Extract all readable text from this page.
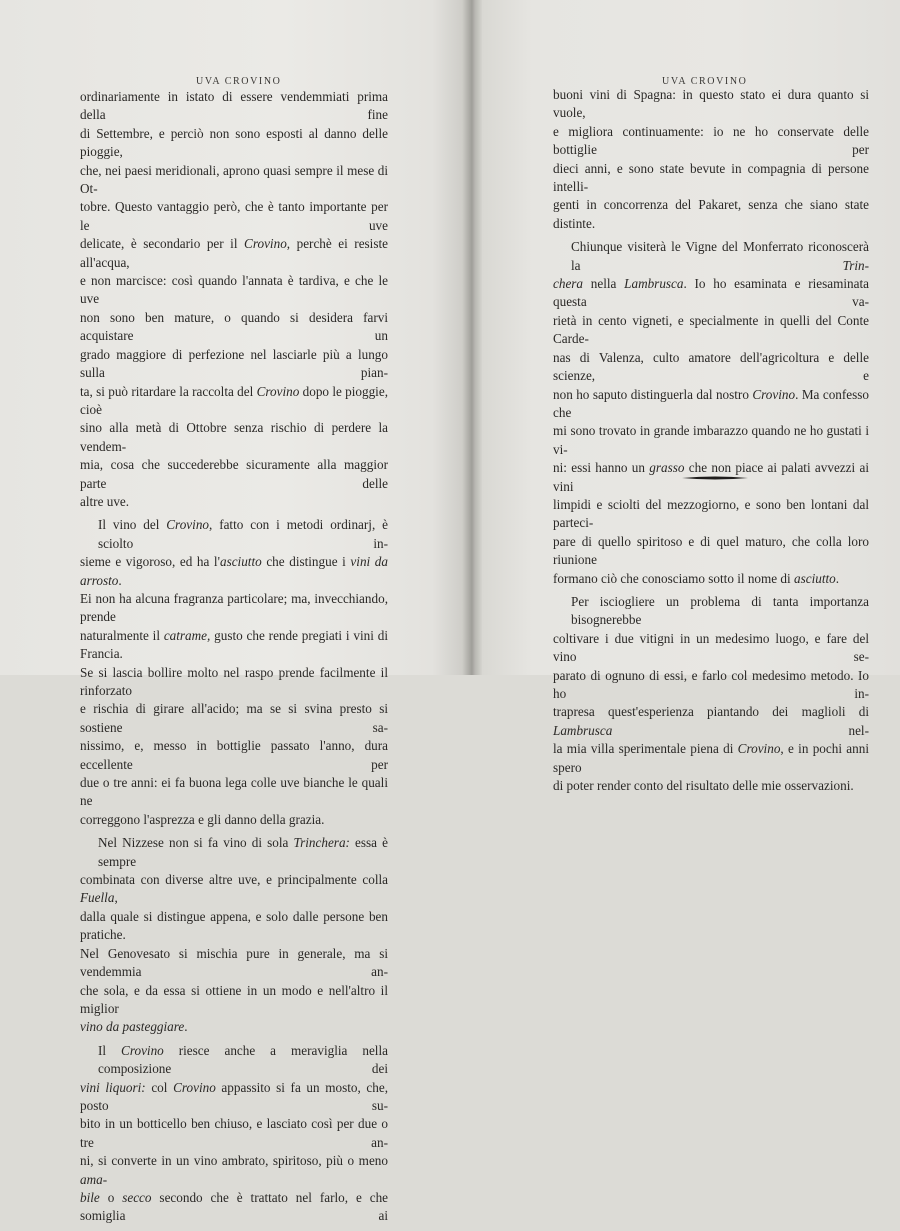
UVA CROVINO
ordinariamente in istato di essere vendemmiati prima della fine
di Settembre, e perciò non sono esposti al danno delle pioggie,
che, nei paesi meridionali, aprono quasi sempre il mese di Ot-
tobre. Questo vantaggio però, che è tanto importante per le uve
delicate, è secondario per il Crovino, perchè ei resiste all'acqua,
e non marcisce: così quando l'annata è tardiva, e che le uve
non sono ben mature, o quando si desidera farvi acquistare un
grado maggiore di perfezione nel lasciarle più a lungo sulla pian-
ta, si può ritardare la raccolta del Crovino dopo le pioggie, cioè
sino alla metà di Ottobre senza rischio di perdere la vendem-
mia, cosa che succederebbe sicuramente alla maggior parte delle
altre uve.
Il vino del Crovino, fatto con i metodi ordinarj, è sciolto in-
sieme e vigoroso, ed ha l'asciutto che distingue i vini da arrosto.
Ei non ha alcuna fragranza particolare; ma, invecchiando, prende
naturalmente il catrame, gusto che rende pregiati i vini di Francia.
Se si lascia bollire molto nel raspo prende facilmente il rinforzato
e rischia di girare all'acido; ma se si svina presto si sostiene sa-
nissimo, e, messo in bottiglie passato l'anno, dura eccellente per
due o tre anni: ei fa buona lega colle uve bianche le quali ne
correggono l'asprezza e gli danno della grazia.
Nel Nizzese non si fa vino di sola Trinchera: essa è sempre
combinata con diverse altre uve, e principalmente colla Fuella,
dalla quale si distingue appena, e solo dalle persone ben pratiche.
Nel Genovesato si mischia pure in generale, ma si vendemmia an-
che sola, e da essa si ottiene in un modo e nell'altro il miglior
vino da pasteggiare.
Il Crovino riesce anche a meraviglia nella composizione dei
vini liquori: col Crovino appassito si fa un mosto, che, posto su-
bito in un botticello ben chiuso, e lasciato così per due o tre an-
ni, si converte in un vino ambrato, spiritoso, più o meno ama-
bile o secco secondo che è trattato nel farlo, e che somiglia ai
UVA CROVINO
buoni vini di Spagna: in questo stato ei dura quanto si vuole,
e migliora continuamente: io ne ho conservate delle bottiglie per
dieci anni, e sono state bevute in compagnia di persone intelli-
genti in concorrenza del Pakaret, senza che siano state distinte.
Chiunque visiterà le Vigne del Monferrato riconoscerà la Trin-
chera nella Lambrusca. Io ho esaminata e riesaminata questa va-
rietà in cento vigneti, e specialmente in quelli del Conte Carde-
nas di Valenza, culto amatore dell'agricoltura e delle scienze, e
non ho saputo distinguerla dal nostro Crovino. Ma confesso che
mi sono trovato in grande imbarazzo quando ne ho gustati i vi-
ni: essi hanno un grasso che non piace ai palati avvezzi ai vini
limpidi e sciolti del mezzogiorno, e sono ben lontani dal parteci-
pare di quello spiritoso e di quel maturo, che colla loro riunione
formano ciò che conosciamo sotto il nome di asciutto.
Per isciogliere un problema di tanta importanza bisognerebbe
coltivare i due vitigni in un medesimo luogo, e fare del vino se-
parato di ognuno di essi, e farlo col medesimo metodo. Io ho in-
trapresa quest'esperienza piantando dei maglioli di Lambrusca nel-
la mia villa sperimentale piena di Crovino, e in pochi anni spero
di poter render conto del risultato delle mie osservazioni.
